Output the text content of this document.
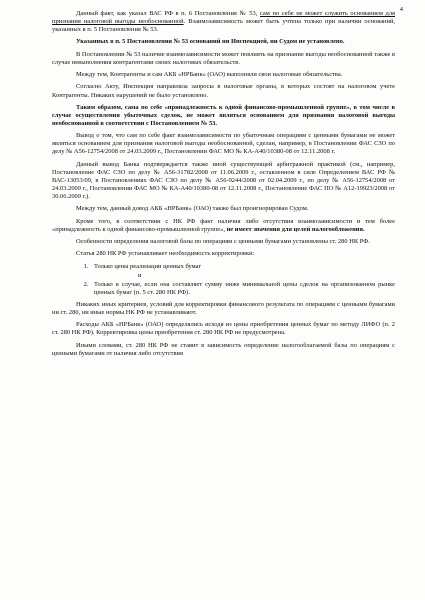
4

Данный факт, как указал ВАС РФ в п. 6 Постановления № 53, сам по себе не может служить основанием для признания налоговой выгоды необоснованной. Взаимозависимость может быть учтена только при наличии оснований, указанных в п. 5 Постановления № 53.

Указанных в п. 5 Постановления № 53 оснований ни Инспекцией, ни Судом не установлено.

В Постановлении № 53 наличие взаимозависимости может повлиять на признание выгоды необоснованной также в случае невыполнения контрагентами своих налоговых обязательств.

Между тем, Контрагенты и сам АКБ «НРБанк» (ОАО) выполняли свои налоговые обязательства.

Согласно Акту, Инспекция направляла запросы в налоговые органы, в которых состоят на налоговом учете Контрагенты. Никаких нарушений не было установлено.

Таким образом, сама по себе «принадлежность к одной финансово-промышленной группе», в том числе в случае осуществления убыточных сделок, не может являться основанием для признания налоговой выгоды необоснованной в соответствии с Постановлением № 53.

Вывод о том, что сам по себе факт взаимозависимости по убыточным операциям с ценными бумагами не может являться основанием для признания налоговой выгоды необоснованной, сделан, например, в Постановлении ФАС СЗО по делу № А56-12754/2008 от 24.03.2009 г., Постановлении ФАС МО № КА-А40/10380-08 от 12.11.2008 г.

Данный вывод Банка подтверждается также иной существующей арбитражной практикой (см., например, Постановление ФАС СЗО по делу № А56-31782/2008 от 11.06.2009 г., оставленном в силе Определением ВАС РФ № ВАС-13053/09, в Постановлениях ФАС СЗО по делу № А56-9244/2008 от 02.04.2009 г., по делу № А56-12754/2008 от 24.03.2009 г., Постановлении ФАС МО № КА-А40/10380-08 от 12.11.2008 г., Постановление ФАС ПО № А12-19923/2008 от 30.06.2009 г.).

Между тем, данный довод АКБ «НРБанк» (ОАО) также был проигнорирован Судом.

Кроме того, в соответствии с НК РФ факт наличия либо отсутствия взаимозависимости и тем более «принадлежность к одной финансово-промышленной группе», не имеет значения для целей налогообложения.

Особенности определения налоговой базы по операциям с ценными бумагами установлены ст. 280 НК РФ.

Статья 280 НК РФ устанавливает необходимость корректировки:

1. Только цены реализации ценных бумаг
и
2. Только в случае, если она составляет сумму ниже минимальной цены сделок на организованном рынке ценных бумаг (п. 5 ст. 280 НК РФ).

Никаких иных критериев, условий для корректировки финансового результата по операциям с ценными бумагами ни ст. 280, ни иные нормы НК РФ не устанавливают.

Расходы АКБ «НРБанк» (ОАО) определялись исходя из цены приобретения ценных бумаг по методу ЛИФО (п. 2 ст. 280 НК РФ). Корректировка цены приобретения ст. 280 НК РФ не предусмотрена.

Иными словами, ст. 280 НК РФ не ставит в зависимость определение налогооблагаемой базы по операциям с ценными бумагами от наличия либо отсутствия
